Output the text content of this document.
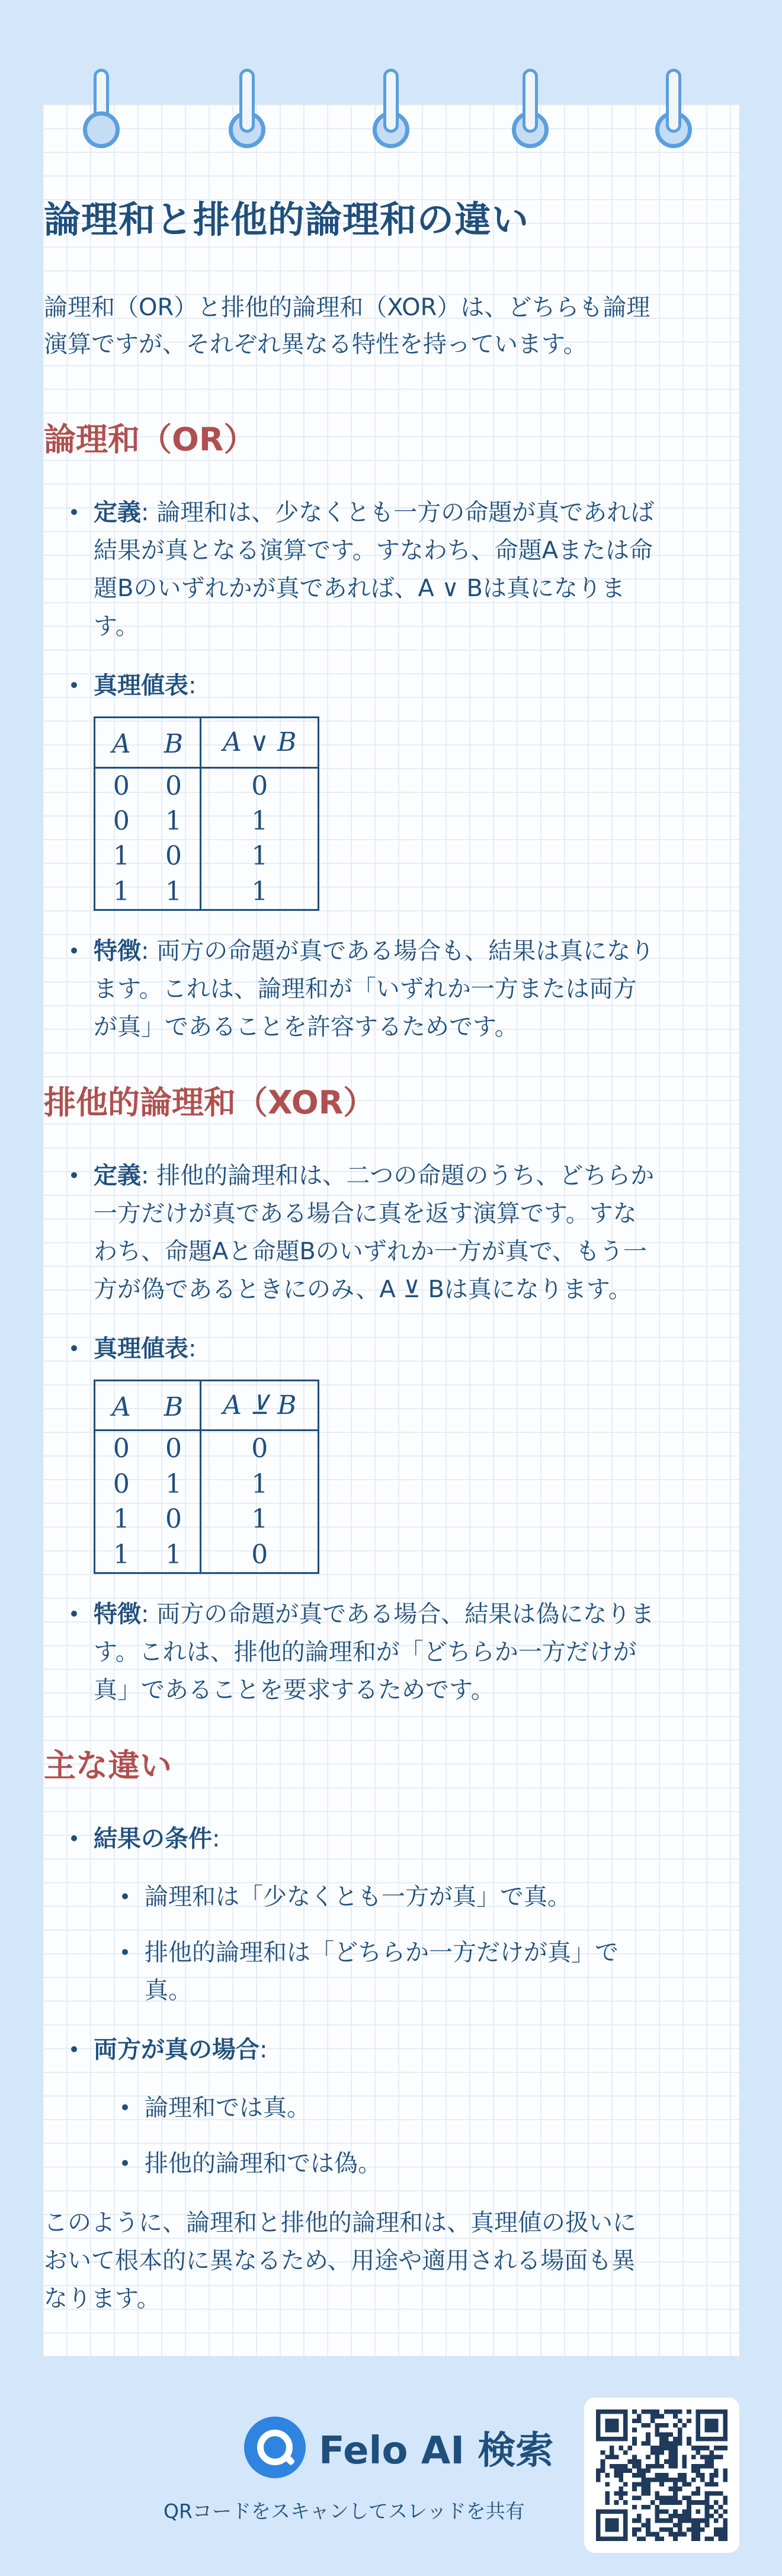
論理和と排他的論理和の違い

論理和（OR）と排他的論理和（XOR）は、どちらも論理演算ですが、それぞれ異なる特性を持っています。

論理和（OR）
定義: 論理和は、少なくとも一方の命題が真であれば結果が真となる演算です。すなわち、命題Aまたは命題Bのいずれかが真であれば、A ∨ Bは真になります。
真理値表:
A	B	A ∨ B
0	0	0
0	1	1
1	0	1
1	1	1
特徴: 両方の命題が真である場合も、結果は真になります。これは、論理和が「いずれか一方または両方が真」であることを許容するためです。
排他的論理和（XOR）
定義: 排他的論理和は、二つの命題のうち、どちらか一方だけが真である場合に真を返す演算です。すなわち、命題Aと命題Bのいずれか一方が真で、もう一方が偽であるときにのみ、A ⊻ Bは真になります。
真理値表:
A	B	A ⊻ B
0	0	0
0	1	1
1	0	1
1	1	0
特徴: 両方の命題が真である場合、結果は偽になります。これは、排他的論理和が「どちらか一方だけが真」であることを要求するためです。
主な違い
結果の条件:
論理和は「少なくとも一方が真」で真。
排他的論理和は「どちらか一方だけが真」で真。
両方が真の場合:
論理和では真。
排他的論理和では偽。

このように、論理和と排他的論理和は、真理値の扱いにおいて根本的に異なるため、用途や適用される場面も異なります。

Felo AI 検索
QRコードをスキャンしてスレッドを共有
